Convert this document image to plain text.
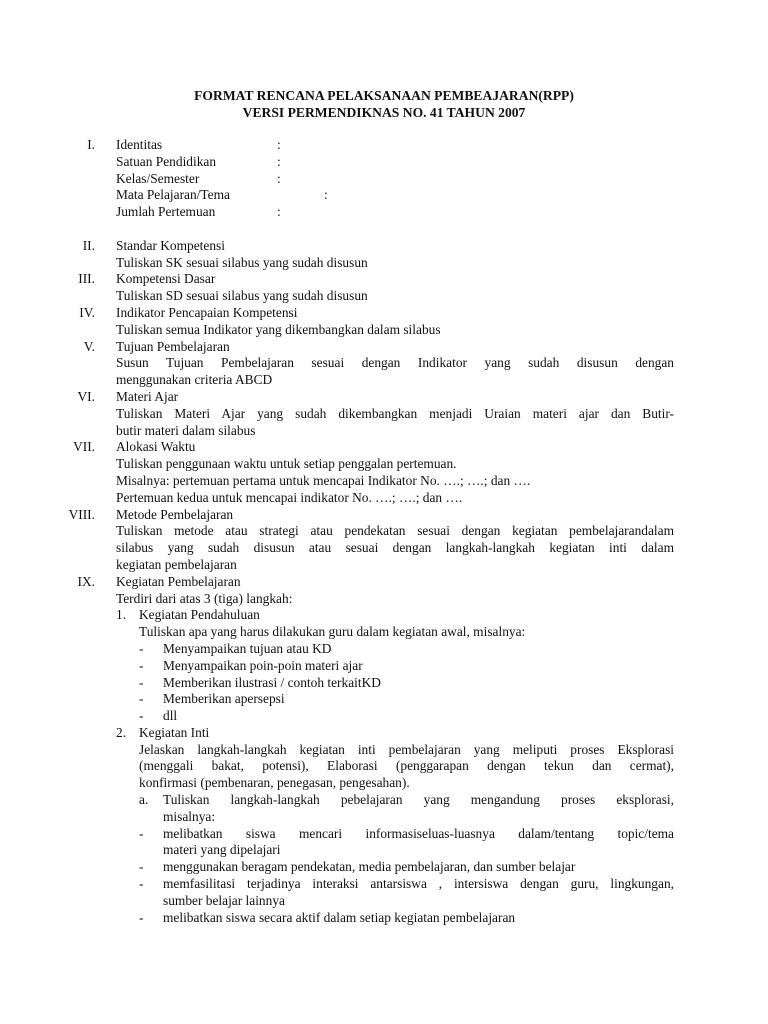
FORMAT RENCANA PELAKSANAAN PEMBEAJARAN(RPP)
VERSI PERMENDIKNAS NO. 41 TAHUN 2007
I. Identitas	:
Satuan Pendidikan	:
Kelas/Semester	:
Mata Pelajaran/Tema	:
Jumlah Pertemuan	:
II. Standar Kompetensi
Tuliskan SK sesuai silabus yang sudah disusun
III. Kompetensi Dasar
Tuliskan SD sesuai silabus yang sudah disusun
IV. Indikator Pencapaian Kompetensi
Tuliskan semua Indikator yang dikembangkan dalam silabus
V. Tujuan Pembelajaran
Susun Tujuan Pembelajaran sesuai dengan Indikator yang sudah disusun dengan
menggunakan criteria ABCD
VI. Materi Ajar
Tuliskan Materi Ajar yang sudah dikembangkan menjadi Uraian materi ajar dan Butir-
butir materi dalam silabus
VII. Alokasi Waktu
Tuliskan penggunaan waktu untuk setiap penggalan pertemuan.
Misalnya: pertemuan pertama untuk mencapai Indikator No. ….; ….; dan ….
Pertemuan kedua untuk mencapai indikator No. ….; ….; dan ….
VIII. Metode Pembelajaran
Tuliskan metode atau strategi atau pendekatan sesuai dengan kegiatan pembelajarandalam
silabus yang sudah disusun atau sesuai dengan langkah-langkah kegiatan inti dalam
kegiatan pembelajaran
IX. Kegiatan Pembelajaran
Terdiri dari atas 3 (tiga) langkah:
1. Kegiatan Pendahuluan
Tuliskan apa yang harus dilakukan guru dalam kegiatan awal, misalnya:
- Menyampaikan tujuan atau KD
- Menyampaikan poin-poin materi ajar
- Memberikan ilustrasi / contoh terkaitKD
- Memberikan apersepsi
- dll
2. Kegiatan Inti
Jelaskan langkah-langkah kegiatan inti pembelajaran yang meliputi proses Eksplorasi
(menggali bakat, potensi), Elaborasi (penggarapan dengan tekun dan cermat),
konfirmasi (pembenaran, penegasan, pengesahan).
a. Tuliskan langkah-langkah pebelajaran yang mengandung proses eksplorasi,
misalnya:
- melibatkan siswa mencari informasiseluas-luasnya dalam/tentang topic/tema
materi yang dipelajari
- menggunakan beragam pendekatan, media pembelajaran, dan sumber belajar
- memfasilitasi terjadinya interaksi antarsiswa , intersiswa dengan guru, lingkungan,
sumber belajar lainnya
- melibatkan siswa secara aktif dalam setiap kegiatan pembelajaran
